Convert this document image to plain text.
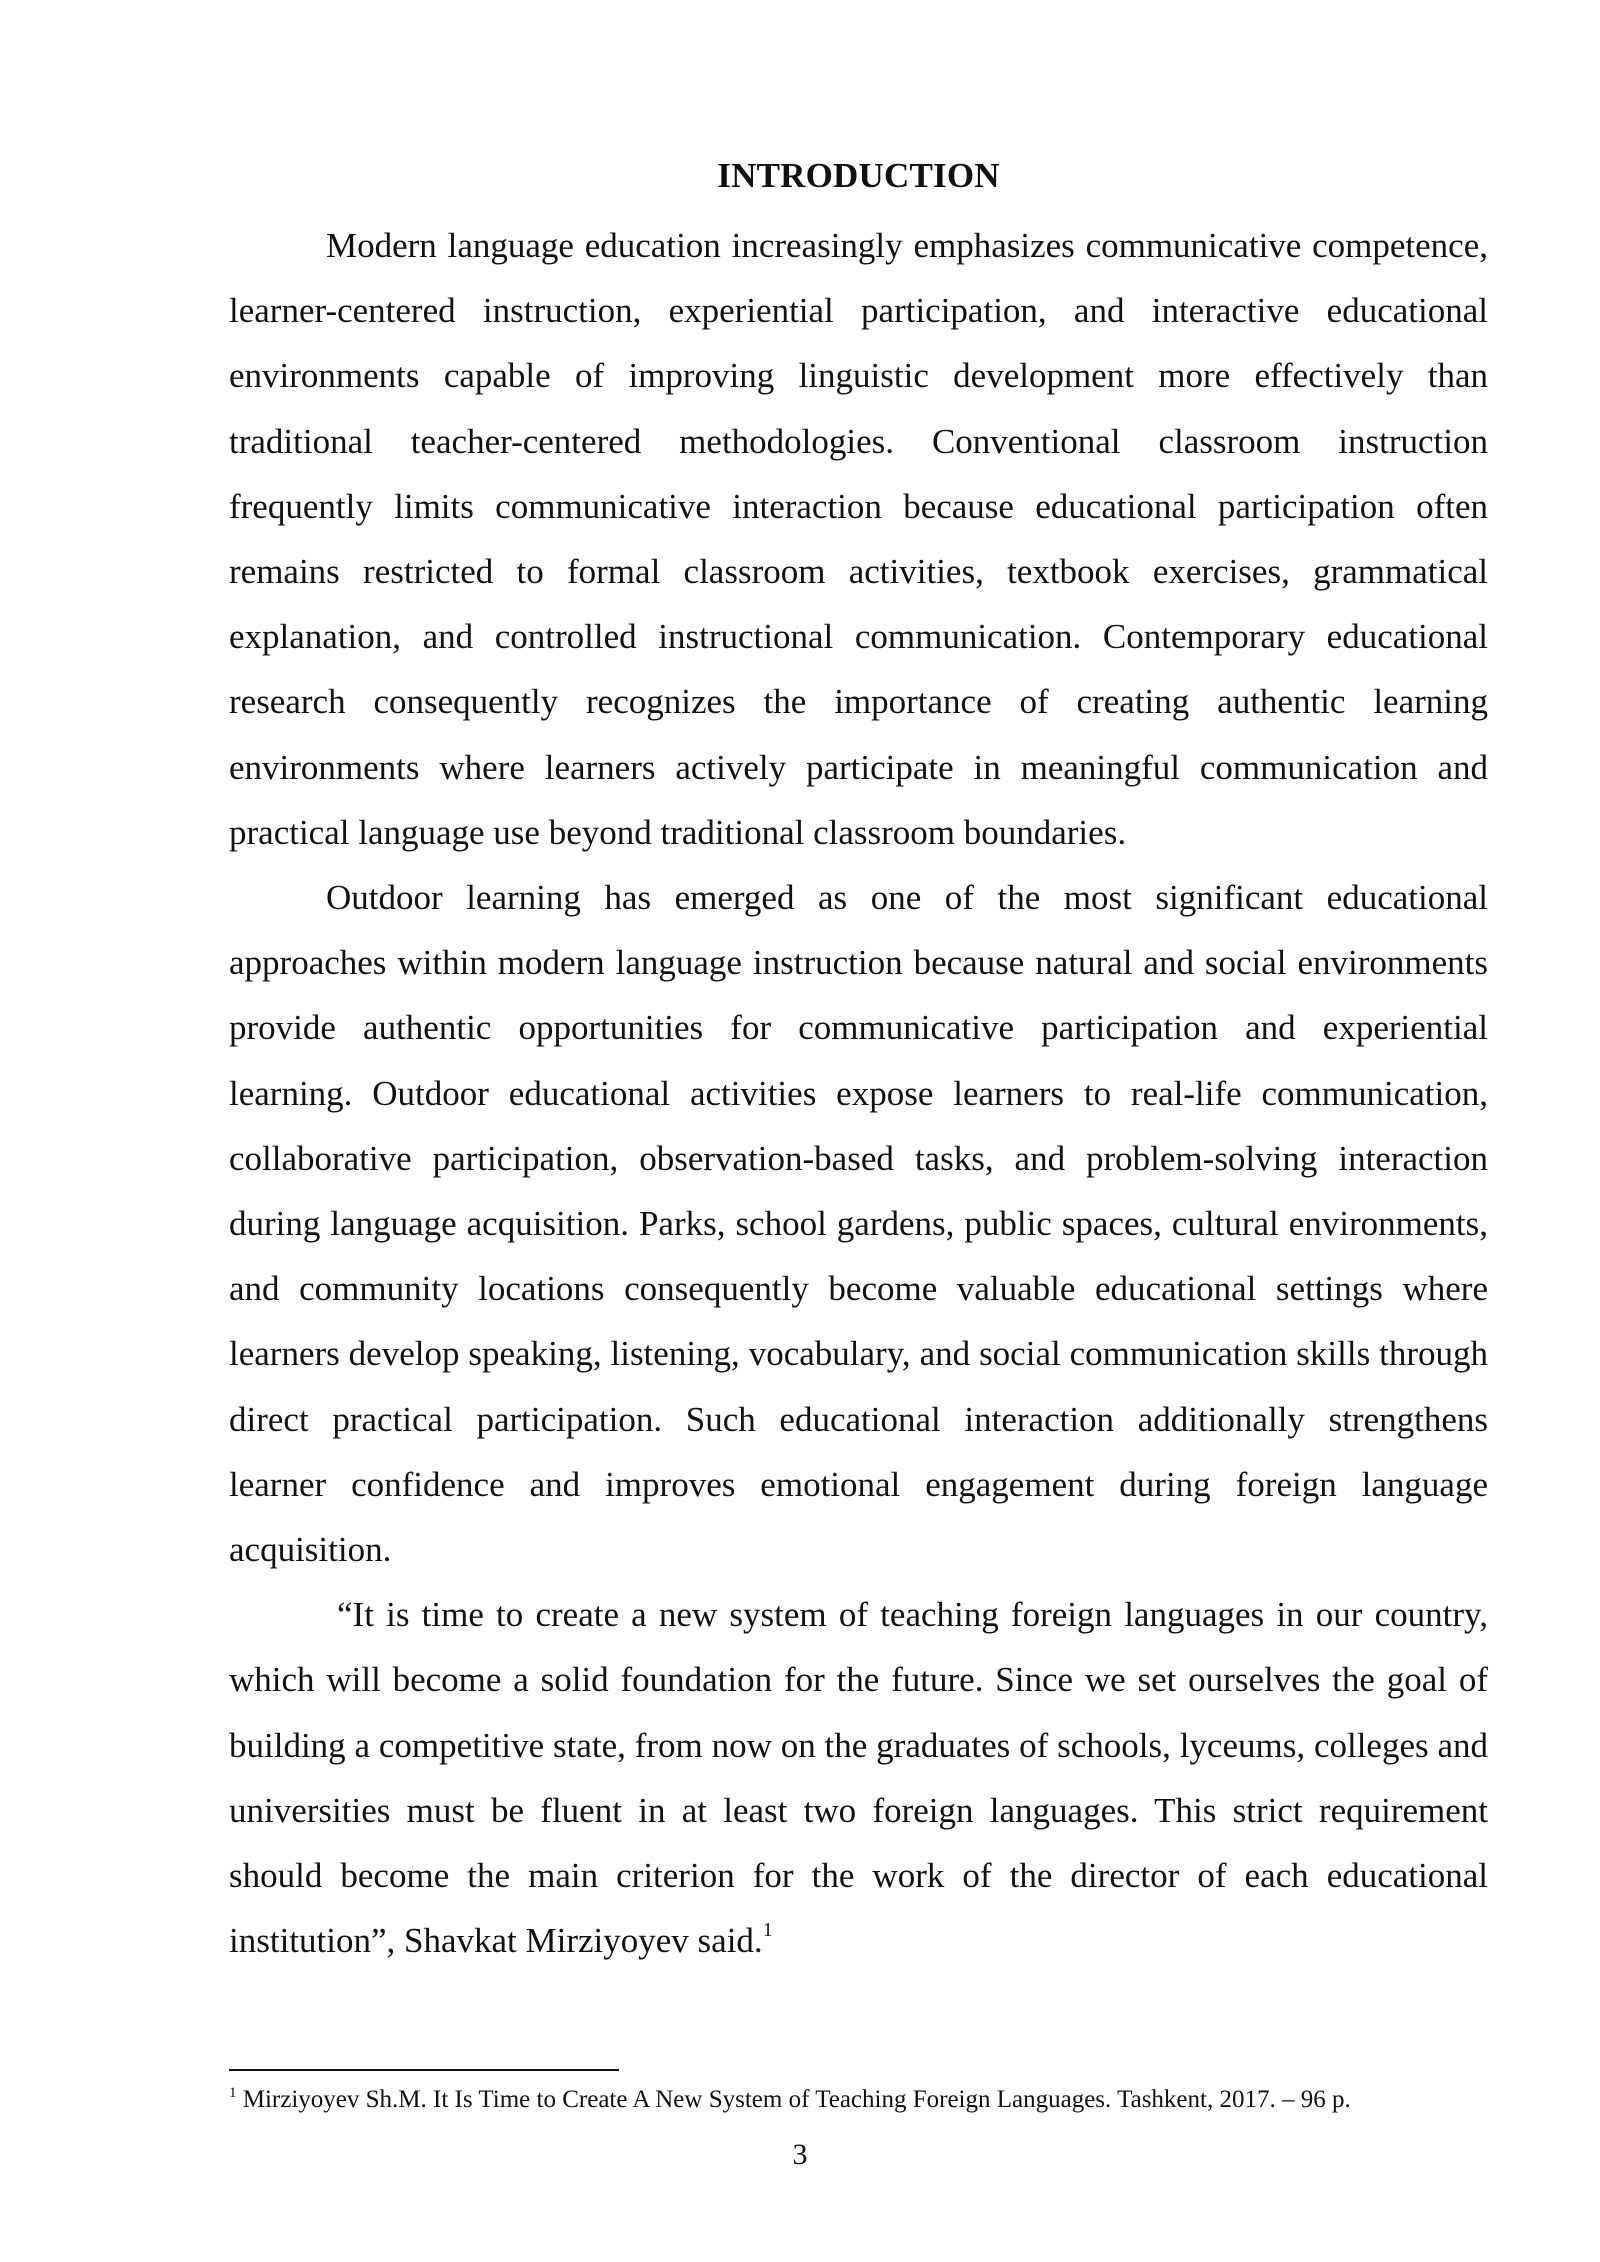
INTRODUCTION

Modern language education increasingly emphasizes communicative competence, learner-centered instruction, experiential participation, and interactive educational environments capable of improving linguistic development more effectively than traditional teacher-centered methodologies. Conventional classroom instruction frequently limits communicative interaction because educational participation often remains restricted to formal classroom activities, textbook exercises, grammatical explanation, and controlled instructional communication. Contemporary educational research consequently recognizes the importance of creating authentic learning environments where learners actively participate in meaningful communication and practical language use beyond traditional classroom boundaries.

Outdoor learning has emerged as one of the most significant educational approaches within modern language instruction because natural and social environments provide authentic opportunities for communicative participation and experiential learning. Outdoor educational activities expose learners to real-life communication, collaborative participation, observation-based tasks, and problem-solving interaction during language acquisition. Parks, school gardens, public spaces, cultural environments, and community locations consequently become valuable educational settings where learners develop speaking, listening, vocabulary, and social communication skills through direct practical participation. Such educational interaction additionally strengthens learner confidence and improves emotional engagement during foreign language acquisition.

“It is time to create a new system of teaching foreign languages in our country, which will become a solid foundation for the future. Since we set ourselves the goal of building a competitive state, from now on the graduates of schools, lyceums, colleges and universities must be fluent in at least two foreign languages. This strict requirement should become the main criterion for the work of the director of each educational institution”, Shavkat Mirziyoyev said.$^1$

$^1$ Mirziyoyev Sh.M. It Is Time to Create A New System of Teaching Foreign Languages. Tashkent, 2017. – 96 p.
3
